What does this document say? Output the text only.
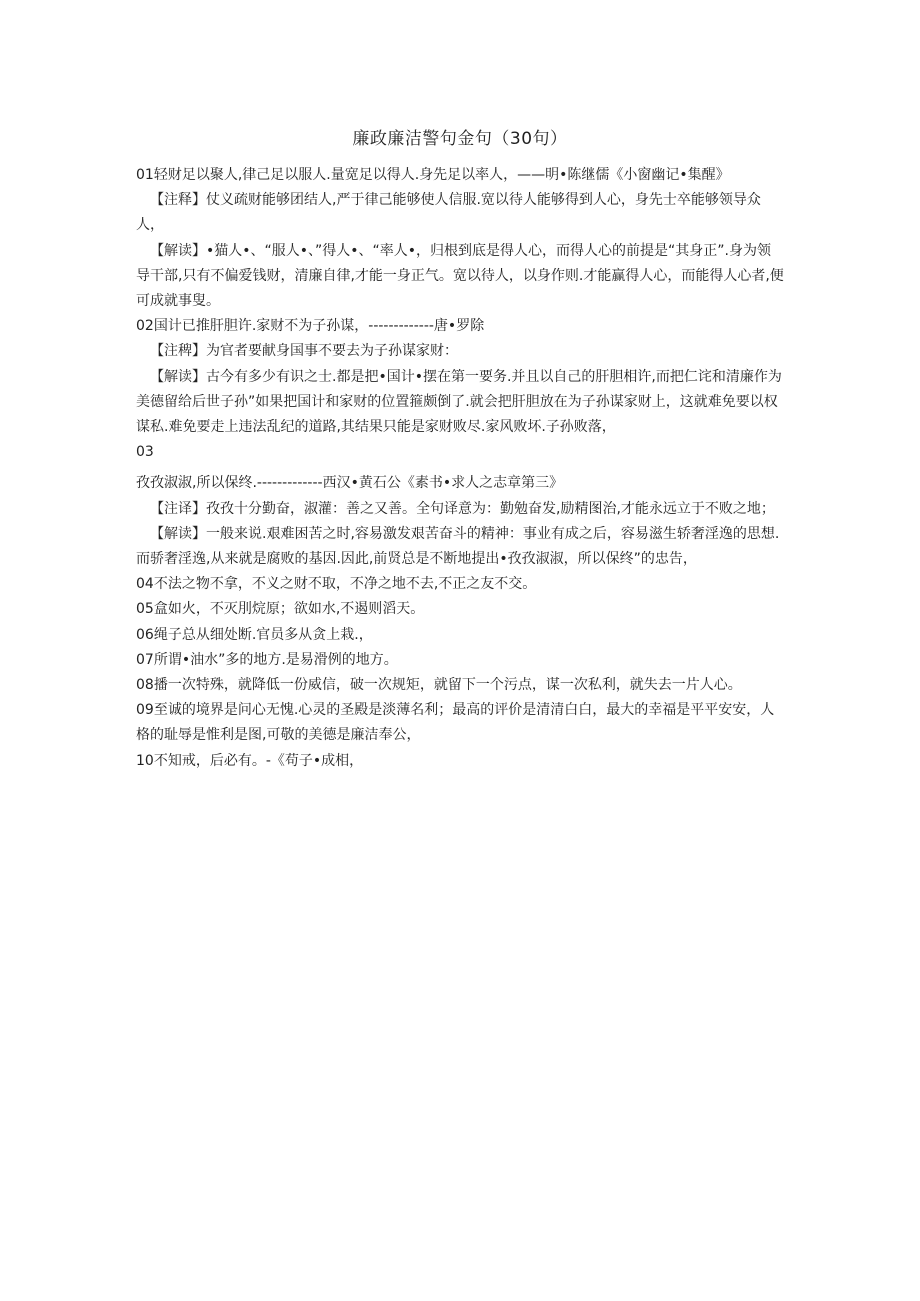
廉政廉洁警句金句（30句）

01轻财足以聚人,律己足以服人.量宽足以得人.身先足以率人，——明•陈继儒《小窗幽记•集醒》

【注释】仗义疏财能够团结人,严于律己能够使人信服.宽以待人能够得到人心，身先士卒能够领导众人，

【解读】•猫人•、“服人•、”得人•、“率人•，归根到底是得人心，而得人心的前提是“其身正”.身为领导干部,只有不偏爱钱财，清廉自律,才能一身正气。宽以待人，以身作则.才能赢得人心，而能得人心者,便可成就事叟。

02国计已推肝胆许.家财不为子孙谋，-------------唐•罗除

【注稗】为官者要献身国事不要去为子孙谋家财：

【解读】古今有多少有识之士.都是把•国计•摆在第一要务.并且以自己的肝胆相许,而把仁诧和清廉作为美德留给后世子孙”如果把国计和家财的位置箍颇倒了.就会把肝胆放在为子孙谋家财上，这就难免要以权谋私.难免要走上违法乱纪的道路,其结果只能是家财败尽.家风败坏.子孙败落，

03

孜孜淑淑,所以保终.-------------西汉•黄石公《素书•求人之志章第三》

【注译】孜孜十分勤奋，淑灌：善之又善。全句译意为：勤勉奋发,励精图治,才能永远立于不败之地；

【解读】一般来说.艰难困苦之时,容易激发艰苦奋斗的精神：事业有成之后，容易滋生轿奢淫逸的思想.而骄奢淫逸,从来就是腐败的基因.因此,前贤总是不断地提出•孜孜淑淑，所以保终”的忠告，

04不法之物不拿，不义之财不取，不净之地不去,不正之友不交。

05盒如火，不灭刖烷原；欲如水,不遏则滔天。

06绳子总从细处断.官员多从贪上栽.，

07所谓•油水”多的地方.是易滑例的地方。

08播一次特殊，就降低一份威信，破一次规矩，就留下一个污点，谋一次私利，就失去一片人心。

09至诚的境界是问心无愧.心灵的圣殿是淡薄名利；最高的评价是清清白白，最大的幸福是平平安安，人格的耻辱是惟利是图,可敬的美德是廉洁奉公，

10不知戒，后必有。-《苟子•成相，
